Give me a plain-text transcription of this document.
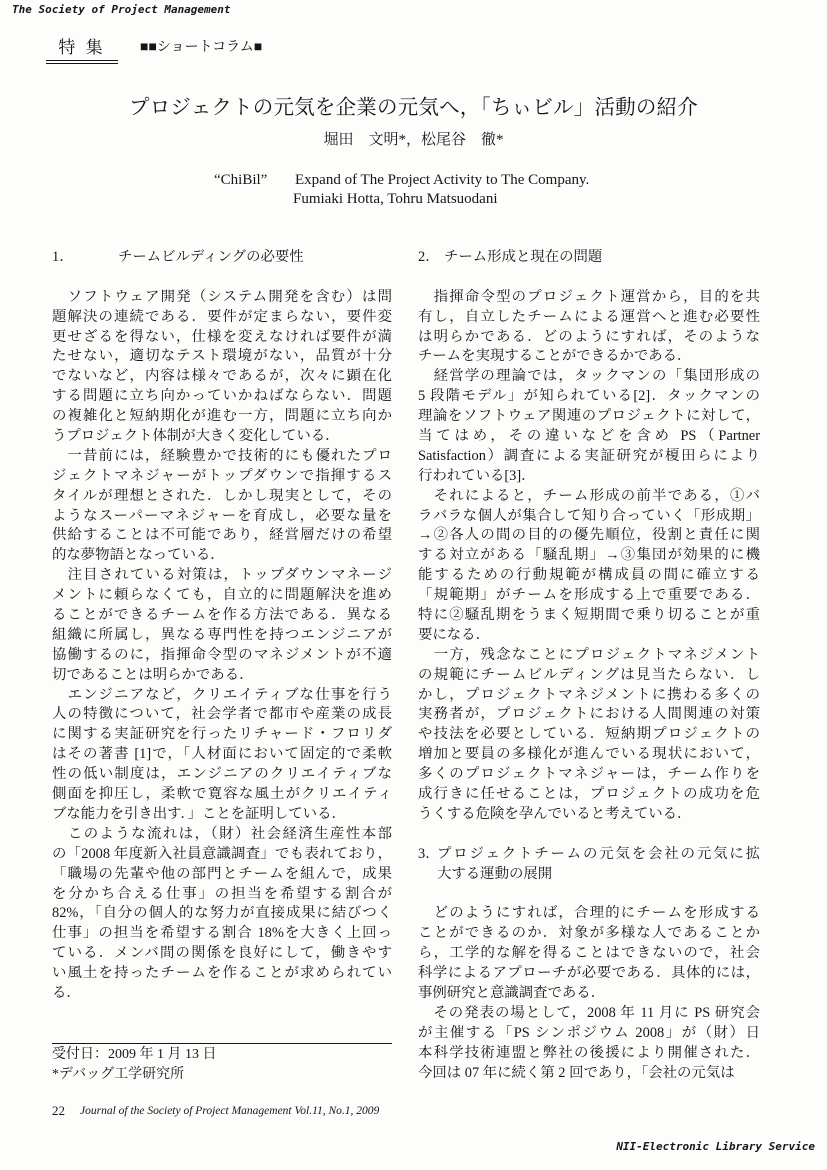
The Society of Project Management
特 集	■■ショートコラム■
プロジェクトの元気を企業の元気へ，「ちぃビル」活動の紹介
堀田　文明*，松尾谷　徹*
“ChiBil” Expand of The Project Activity to The Company.
Fumiaki Hotta, Tohru Matsuodani
1．	チームビルディングの必要性
　ソフトウェア開発（システム開発を含む）は問
題解決の連続である．要件が定まらない，要件変
更せざるを得ない，仕様を変えなければ要件が満
たせない，適切なテスト環境がない，品質が十分
でないなど，内容は様々であるが，次々に顕在化
する問題に立ち向かっていかねばならない．問題
の複雑化と短納期化が進む一方，問題に立ち向か
うプロジェクト体制が大きく変化している．
　一昔前には，経験豊かで技術的にも優れたプロ
ジェクトマネジャーがトップダウンで指揮するス
タイルが理想とされた．しかし現実として，その
ようなスーパーマネジャーを育成し，必要な量を
供給することは不可能であり，経営層だけの希望
的な夢物語となっている．
　注目されている対策は，トップダウンマネージ
メントに頼らなくても，自立的に問題解決を進め
ることができるチームを作る方法である．異なる
組織に所属し，異なる専門性を持つエンジニアが
協働するのに，指揮命令型のマネジメントが不適
切であることは明らかである．
　エンジニアなど，クリエイティブな仕事を行う
人の特徴について，社会学者で都市や産業の成長
に関する実証研究を行ったリチャード・フロリダ
はその著書 [1]で，「人材面において固定的で柔軟
性の低い制度は，エンジニアのクリエイティブな
側面を抑圧し，柔軟で寛容な風土がクリエイティ
ブな能力を引き出す．」ことを証明している．
　このような流れは，（財）社会経済生産性本部
の「2008 年度新入社員意識調査」でも表れており，
「職場の先輩や他の部門とチームを組んで，成果
を分かち合える仕事」の担当を希望する割合が
82%，「自分の個人的な努力が直接成果に結びつく
仕事」の担当を希望する割合 18%を大きく上回っ
ている．メンバ間の関係を良好にして，働きやす
い風土を持ったチームを作ることが求められてい
る．
2． チーム形成と現在の問題
　指揮命令型のプロジェクト運営から，目的を共
有し，自立したチームによる運営へと進む必要性
は明らかである．どのようにすれば，そのような
チームを実現することができるかである．
　経営学の理論では，タックマンの「集団形成の
5 段階モデル」が知られている[2]．タックマンの
理論をソフトウェア関連のプロジェクトに対して，
当てはめ，その違いなどを含め PS（Partner
Satisfaction）調査による実証研究が榎田らにより
行われている[3]．
　それによると，チーム形成の前半である，①バ
ラバラな個人が集合して知り合っていく「形成期」
→②各人の間の目的の優先順位，役割と責任に関
する対立がある「騒乱期」→③集団が効果的に機
能するための行動規範が構成員の間に確立する
「規範期」がチームを形成する上で重要である．
特に②騒乱期をうまく短期間で乗り切ることが重
要になる．
　一方，残念なことにプロジェクトマネジメント
の規範にチームビルディングは見当たらない．し
かし，プロジェクトマネジメントに携わる多くの
実務者が，プロジェクトにおける人間関連の対策
や技法を必要としている．短納期プロジェクトの
増加と要員の多様化が進んでいる現状において，
多くのプロジェクトマネジャーは，チーム作りを
成行きに任せることは，プロジェクトの成功を危
うくする危険を孕んでいると考えている．
3．
プロジェクトチームの元気を会社の元気に拡
大する運動の展開
　どのようにすれば，合理的にチームを形成する
ことができるのか．対象が多様な人であることか
ら，工学的な解を得ることはできないので，社会
科学によるアプローチが必要である．具体的には，
事例研究と意識調査である．
　その発表の場として，2008 年 11 月に PS 研究会
が主催する「PS シンポジウム 2008」が（財）日
本科学技術連盟と弊社の後援により開催された．
今回は 07 年に続く第 2 回であり，「会社の元気は
受付日：2009 年 1 月 13 日
*デバッグ工学研究所
22 Journal of the Society of Project Management Vol.11, No.1, 2009
NII-Electronic Library Service
